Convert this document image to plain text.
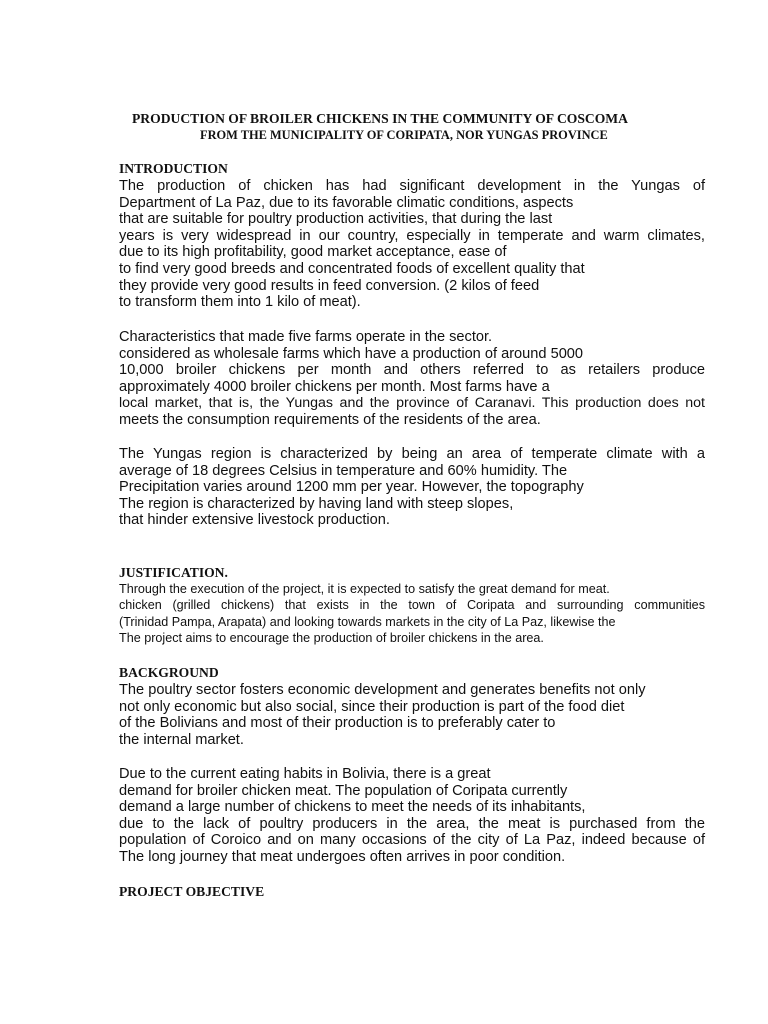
PRODUCTION OF BROILER CHICKENS IN THE COMMUNITY OF COSCOMA
FROM THE MUNICIPALITY OF CORIPATA, NOR YUNGAS PROVINCE
INTRODUCTION
The production of chicken has had significant development in the Yungas of
Department of La Paz, due to its favorable climatic conditions, aspects
that are suitable for poultry production activities, that during the last
years is very widespread in our country, especially in temperate and warm climates,
due to its high profitability, good market acceptance, ease of
to find very good breeds and concentrated foods of excellent quality that
they provide very good results in feed conversion. (2 kilos of feed
to transform them into 1 kilo of meat).
Characteristics that made five farms operate in the sector.
considered as wholesale farms which have a production of around 5000
10,000 broiler chickens per month and others referred to as retailers produce
approximately 4000 broiler chickens per month. Most farms have a
local market, that is, the Yungas and the province of Caranavi. This production does not
meets the consumption requirements of the residents of the area.
The Yungas region is characterized by being an area of temperate climate with a
average of 18 degrees Celsius in temperature and 60% humidity. The
Precipitation varies around 1200 mm per year. However, the topography
The region is characterized by having land with steep slopes,
that hinder extensive livestock production.
JUSTIFICATION.
Through the execution of the project, it is expected to satisfy the great demand for meat.
chicken (grilled chickens) that exists in the town of Coripata and surrounding communities
(Trinidad Pampa, Arapata) and looking towards markets in the city of La Paz, likewise the
The project aims to encourage the production of broiler chickens in the area.
BACKGROUND
The poultry sector fosters economic development and generates benefits not only
not only economic but also social, since their production is part of the food diet
of the Bolivians and most of their production is to preferably cater to
the internal market.
Due to the current eating habits in Bolivia, there is a great
demand for broiler chicken meat. The population of Coripata currently
demand a large number of chickens to meet the needs of its inhabitants,
due to the lack of poultry producers in the area, the meat is purchased from the
population of Coroico and on many occasions of the city of La Paz, indeed because of
The long journey that meat undergoes often arrives in poor condition.
PROJECT OBJECTIVE
